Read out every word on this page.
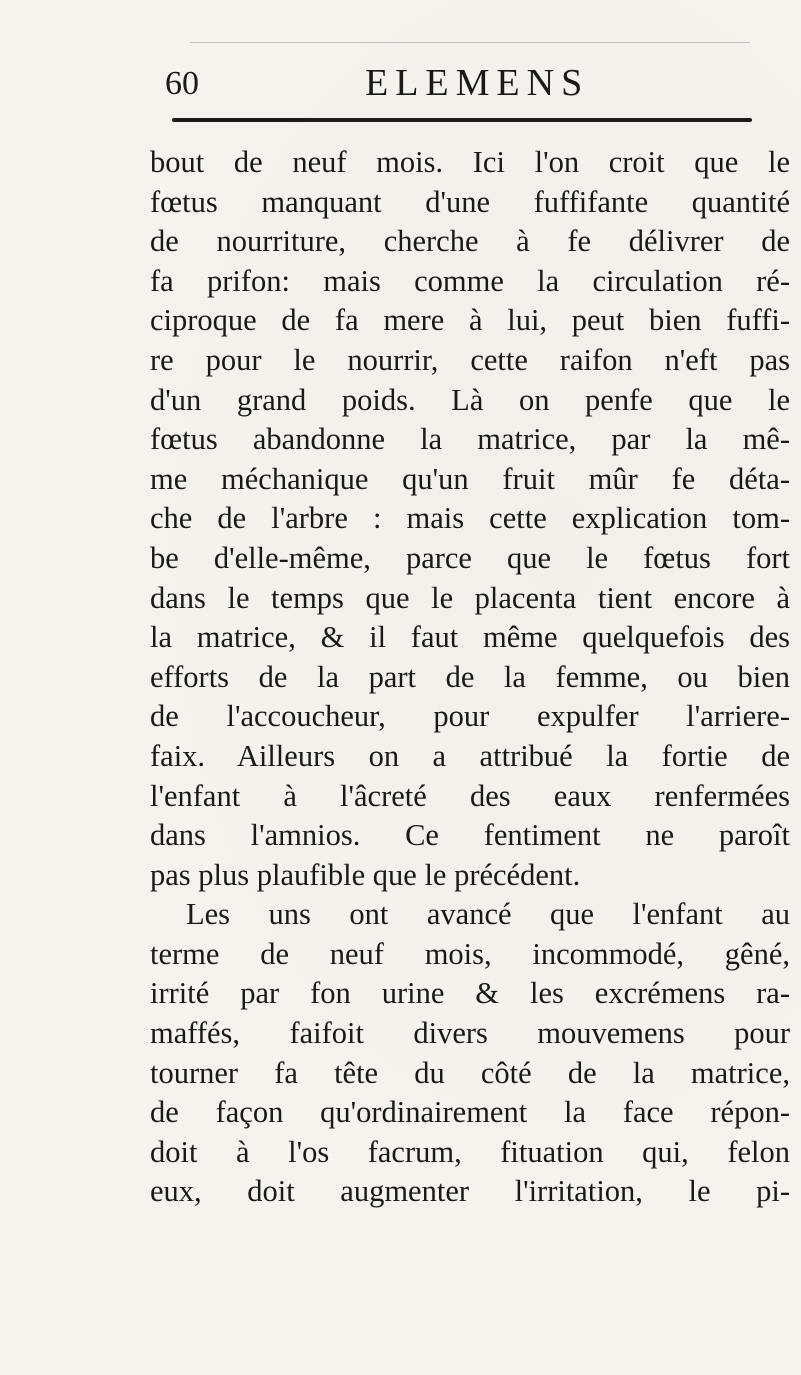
60	ELEMENS
bout de neuf mois. Ici l'on croit que le
fœtus manquant d'une fuffifante quantité
de nourriture, cherche à fe délivrer de
fa prifon: mais comme la circulation ré-
ciproque de fa mere à lui, peut bien fuffi-
re pour le nourrir, cette raifon n'eft pas
d'un grand poids. Là on penfe que le
fœtus abandonne la matrice, par la mê-
me méchanique qu'un fruit mûr fe déta-
che de l'arbre : mais cette explication tom-
be d'elle-même, parce que le fœtus fort
dans le temps que le placenta tient encore à
la matrice, & il faut même quelquefois des
efforts de la part de la femme, ou bien
de l'accoucheur, pour expulfer l'arriere-
faix. Ailleurs on a attribué la fortie de
l'enfant à l'âcreté des eaux renfermées
dans l'amnios. Ce fentiment ne paroît
pas plus plaufible que le précédent.
Les uns ont avancé que l'enfant au
terme de neuf mois, incommodé, gêné,
irrité par fon urine & les excrémens ra-
maffés, faifoit divers mouvemens pour
tourner fa tête du côté de la matrice,
de façon qu'ordinairement la face répon-
doit à l'os facrum, fituation qui, felon
eux, doit augmenter l'irritation, le pi-
